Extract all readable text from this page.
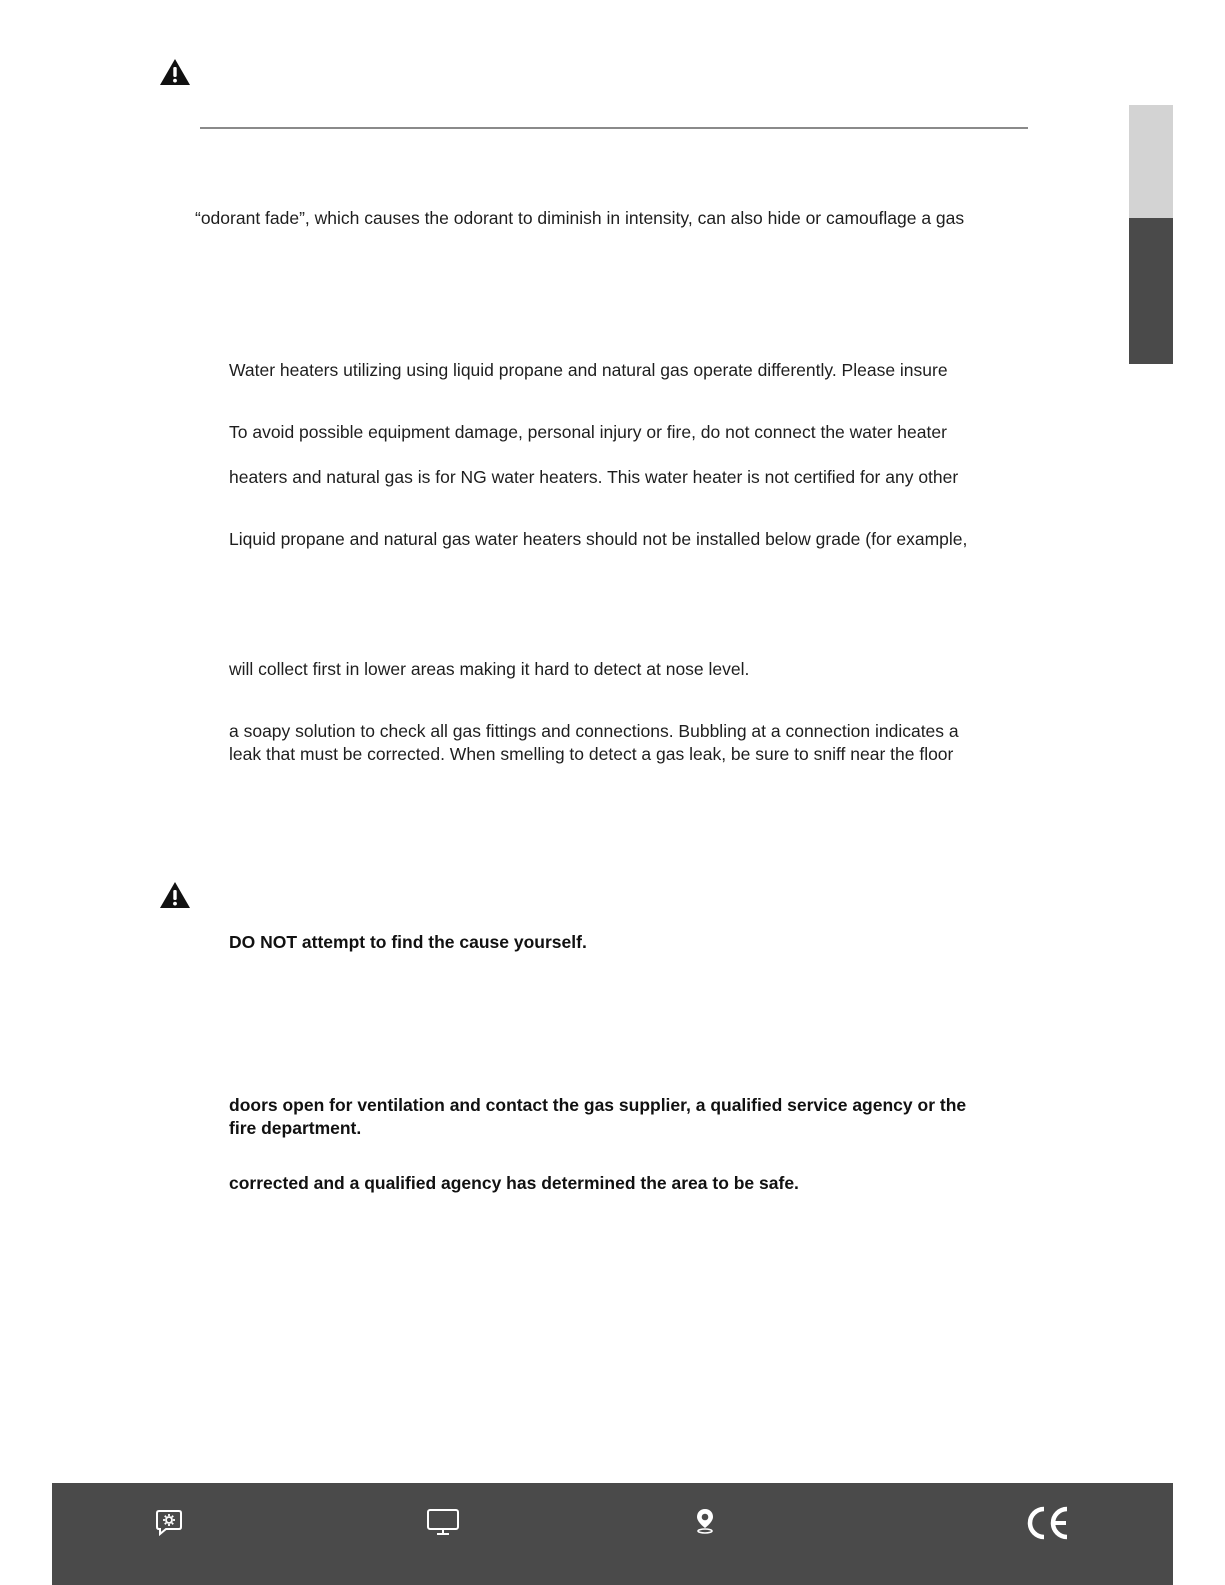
“odorant fade”, which causes the odorant to diminish in intensity, can also hide or camouflage a gas
Water heaters utilizing using liquid propane and natural gas operate differently. Please insure
To avoid possible equipment damage, personal injury or fire, do not connect the water heater
heaters and natural gas is for NG water heaters. This water heater is not certified for any other
Liquid propane and natural gas water heaters should not be installed below grade (for example,
will collect first in lower areas making it hard to detect at nose level.
a soapy solution to check all gas fittings and connections. Bubbling at a connection indicates a
leak that must be corrected. When smelling to detect a gas leak, be sure to sniff near the floor
DO NOT attempt to find the cause yourself.
doors open for ventilation and contact the gas supplier, a qualified service agency or the
fire department.
corrected and a qualified agency has determined the area to be safe.
